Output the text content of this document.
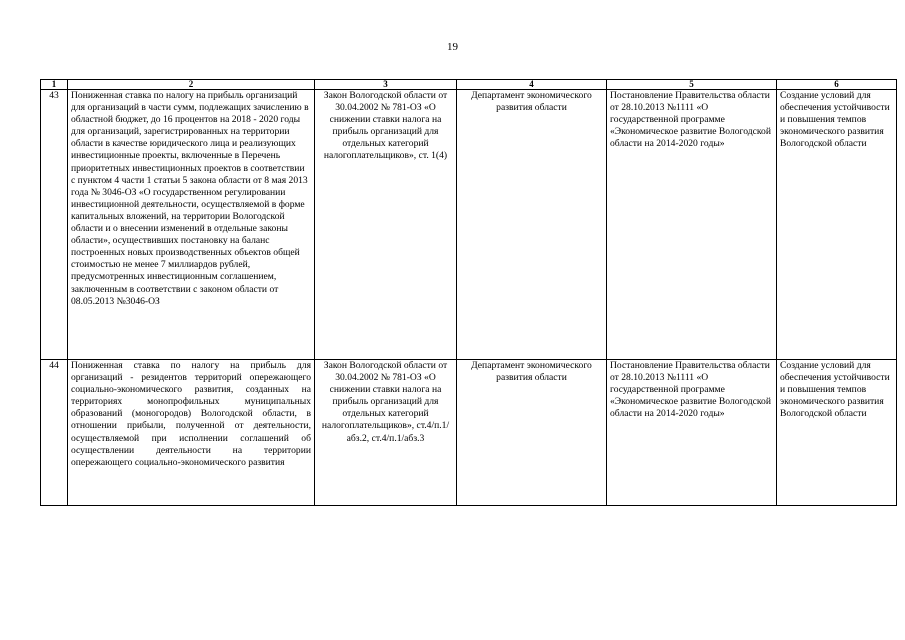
19
1	2	3	4	5	6
43	Пониженная ставка по налогу на прибыль организаций для организаций в части сумм, подлежащих зачислению в областной бюджет, до 16 процентов на 2018 - 2020 годы для организаций, зарегистрированных на территории области в качестве юридического лица и реализующих инвестиционные проекты, включенные в Перечень приоритетных инвестиционных проектов в соответствии с пунктом 4 части 1 статьи 5 закона области от 8 мая 2013 года № 3046-ОЗ «О государственном регулировании инвестиционной деятельности, осуществляемой в форме капитальных вложений, на территории Вологодской области и о внесении изменений в отдельные законы области», осуществивших постановку на баланс построенных новых производственных объектов общей стоимостью не менее 7 миллиардов рублей, предусмотренных инвестиционным соглашением, заключенным в соответствии с законом области от 08.05.2013 №3046-ОЗ	Закон Вологодской области от 30.04.2002 № 781-ОЗ «О снижении ставки налога на прибыль организаций для отдельных категорий налогоплательщиков», ст. 1(4)	Департамент экономического развития области	Постановление Правительства области от 28.10.2013 №1111 «О государственной программе «Экономическое развитие Вологодской области на 2014-2020 годы»	Создание условий для обеспечения устойчивости и повышения темпов экономического развития Вологодской области
44	Пониженная ставка по налогу на прибыль для организаций - резидентов территорий опережающего социально-экономического развития, созданных на территориях монопрофильных муниципальных образований (моногородов) Вологодской области, в отношении прибыли, полученной от деятельности, осуществляемой при исполнении соглашений об осуществлении деятельности на территории опережающего социально-экономического развития	Закон Вологодской области от 30.04.2002 № 781-ОЗ «О снижении ставки налога на прибыль организаций для отдельных категорий налогоплательщиков», ст.4/п.1/абз.2, ст.4/п.1/абз.3	Департамент экономического развития области	Постановление Правительства области от 28.10.2013 №1111 «О государственной программе «Экономическое развитие Вологодской области на 2014-2020 годы»	Создание условий для обеспечения устойчивости и повышения темпов экономического развития Вологодской области
